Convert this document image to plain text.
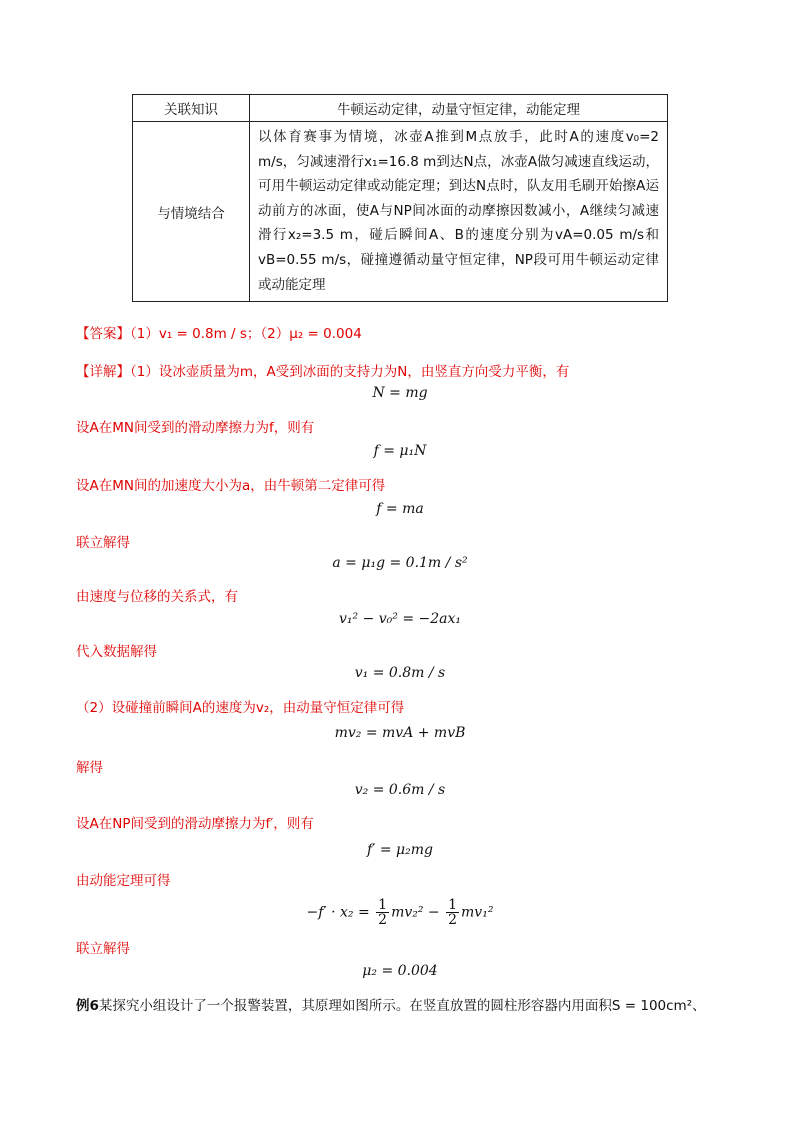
关联知识	牛顿运动定律，动量守恒定律，动能定理
与情境结合	以体育赛事为情境，冰壶A推到M点放手，此时A的速度v₀=2 m/s，匀减速滑行x₁=16.8 m到达N点，冰壶A做匀减速直线运动，可用牛顿运动定律或动能定理；到达N点时，队友用毛刷开始擦A运动前方的冰面，使A与NP间冰面的动摩擦因数减小，A继续匀减速滑行x₂=3.5 m，碰后瞬间A、B的速度分别为vA=0.05 m/s和vB=0.55 m/s，碰撞遵循动量守恒定律，NP段可用牛顿运动定律或动能定理
【答案】（1）v₁ = 0.8m / s；（2）μ₂ = 0.004
【详解】（1）设冰壶质量为m，A受到冰面的支持力为N，由竖直方向受力平衡，有
N = mg
设A在MN间受到的滑动摩擦力为f，则有
f = μ₁N
设A在MN间的加速度大小为a，由牛顿第二定律可得
f = ma
联立解得
a = μ₁g = 0.1m / s²
由速度与位移的关系式，有
v₁² − v₀² = −2ax₁
代入数据解得
v₁ = 0.8m / s
（2）设碰撞前瞬间A的速度为v₂，由动量守恒定律可得
mv₂ = mvA + mvB
解得
v₂ = 0.6m / s
设A在NP间受到的滑动摩擦力为f′，则有
f′ = μ₂mg
由动能定理可得
$-f' \cdot x_2 = \frac{1}{2} mv_2^2 - \frac{1}{2} mv_1^2$
联立解得
μ₂ = 0.004
例6某探究小组设计了一个报警装置，其原理如图所示。在竖直放置的圆柱形容器内用面积S = 100cm²、
